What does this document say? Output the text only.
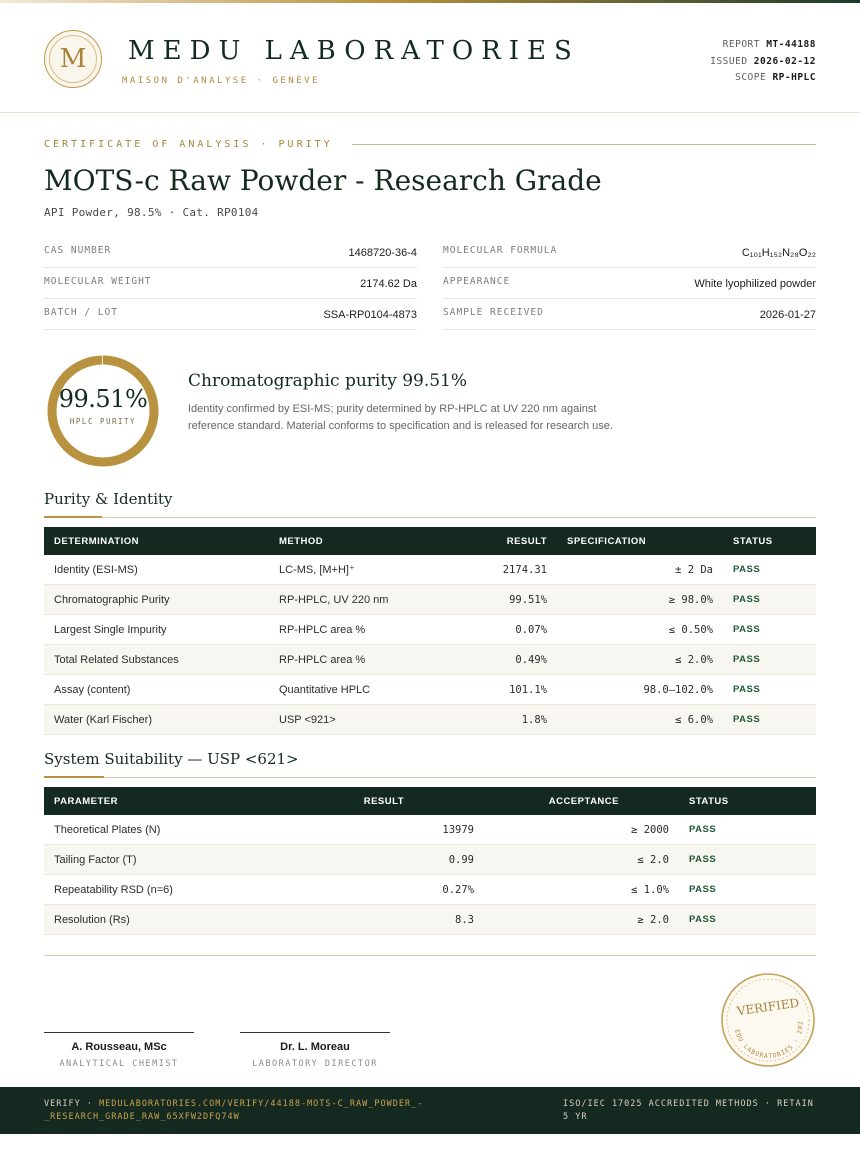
M	MEDU LABORATORIES
MAISON D'ANALYSE · GENÈVE
REPORT MT-44188
ISSUED 2026-02-12
SCOPE RP-HPLC
CERTIFICATE OF ANALYSIS · PURITY
MOTS-c Raw Powder - Research Grade
API Powder, 98.5% · Cat. RP0104
CAS NUMBER	1468720-36-4	MOLECULAR FORMULA	C₁₀₁H₁₅₂N₂₈O₂₂
MOLECULAR WEIGHT	2174.62 Da	APPEARANCE	White lyophilized powder
BATCH / LOT	SSA-RP0104-4873	SAMPLE RECEIVED	2026-01-27
99.51%
HPLC PURITY
Chromatographic purity 99.51%
Identity confirmed by ESI-MS; purity determined by RP-HPLC at UV 220 nm against reference standard. Material conforms to specification and is released for research use.
Purity & Identity
DETERMINATION	METHOD	RESULT	SPECIFICATION	STATUS
Identity (ESI-MS)	LC-MS, [M+H]⁺	2174.31	± 2 Da	PASS
Chromatographic Purity	RP-HPLC, UV 220 nm	99.51%	≥ 98.0%	PASS
Largest Single Impurity	RP-HPLC area %	0.07%	≤ 0.50%	PASS
Total Related Substances	RP-HPLC area %	0.49%	≤ 2.0%	PASS
Assay (content)	Quantitative HPLC	101.1%	98.0–102.0%	PASS
Water (Karl Fischer)	USP <921>	1.8%	≤ 6.0%	PASS
System Suitability — USP <621>
PARAMETER	RESULT	ACCEPTANCE	STATUS
Theoretical Plates (N)	13979	≥ 2000	PASS
Tailing Factor (T)	0.99	≤ 2.0	PASS
Repeatability RSD (n=6)	0.27%	≤ 1.0%	PASS
Resolution (Rs)	8.3	≥ 2.0	PASS
A. Rousseau, MSc
ANALYTICAL CHEMIST
Dr. L. Moreau
LABORATORY DIRECTOR
MEDU LABORATORIES · 2026
VERIFIED
VERIFY · MEDULABORATORIES.COM/VERIFY/44188-MOTS-C_RAW_POWDER_-_RESEARCH_GRADE_RAW_65XFW2DFQ74W
ISO/IEC 17025 ACCREDITED METHODS · RETAIN 5 YR
